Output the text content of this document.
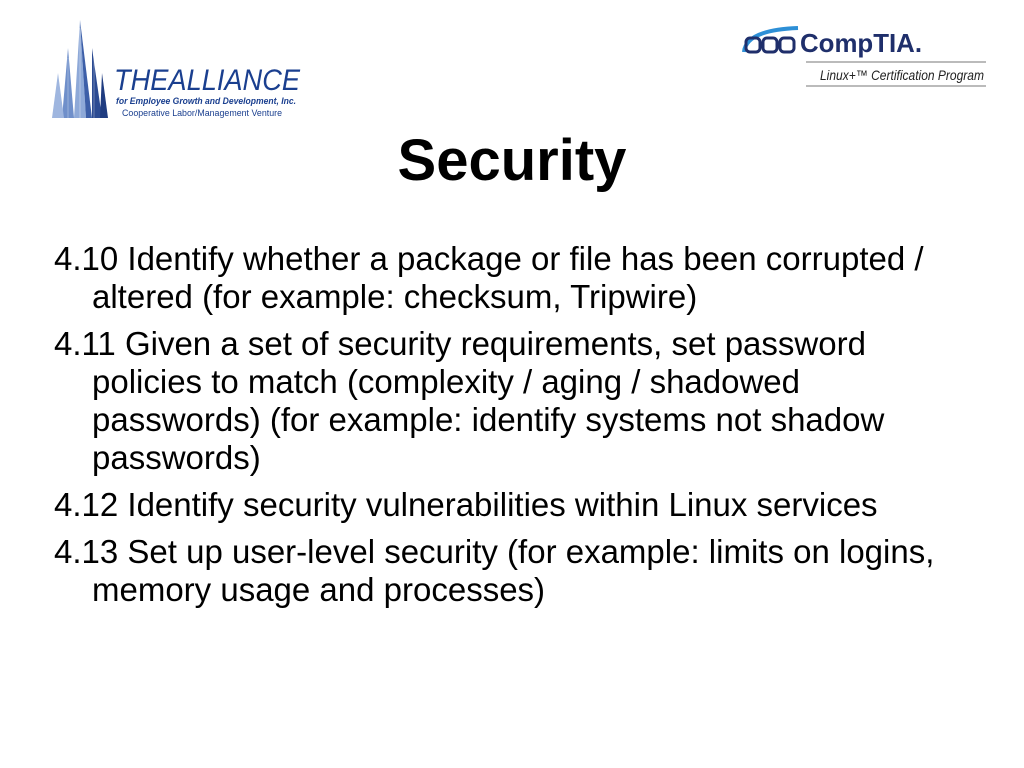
THEALLIANCE
for Employee Growth and Development, Inc.
Cooperative Labor/Management Venture
CompTIA.
Linux+™ Certification Program
Security
4.10 Identify whether a package or file has been corrupted / altered (for example: checksum, Tripwire)
4.11 Given a set of security requirements, set password policies to match (complexity / aging / shadowed passwords) (for example: identify systems not shadow passwords)
4.12 Identify security vulnerabilities within Linux services
4.13 Set up user-level security (for example: limits on logins, memory usage and processes)
